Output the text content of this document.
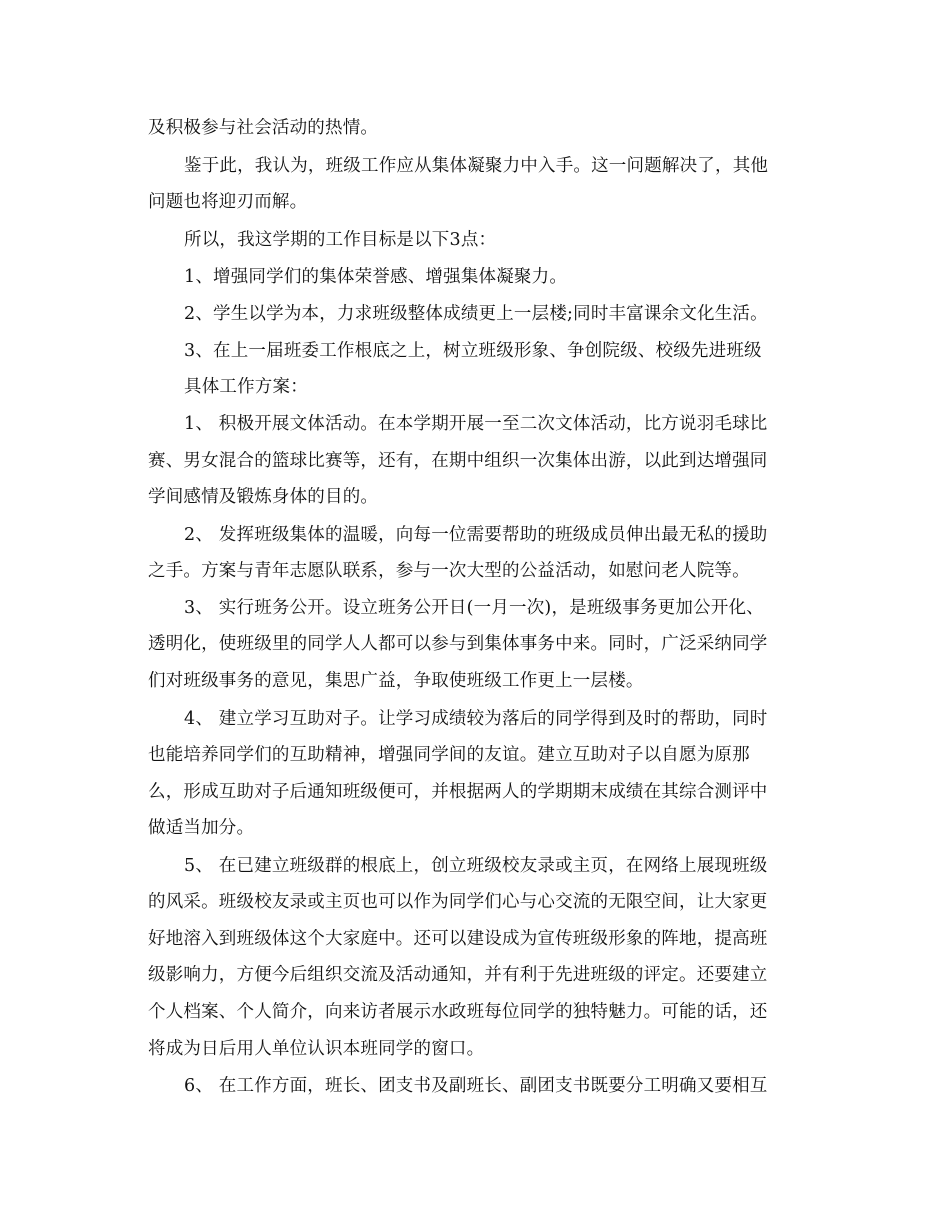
及积极参与社会活动的热情。
鉴于此，我认为，班级工作应从集体凝聚力中入手。这一问题解决了，其他
问题也将迎刃而解。
所以，我这学期的工作目标是以下3点：
1、增强同学们的集体荣誉感、增强集体凝聚力。
2、学生以学为本，力求班级整体成绩更上一层楼;同时丰富课余文化生活。
3、在上一届班委工作根底之上，树立班级形象、争创院级、校级先进班级
具体工作方案：
1、 积极开展文体活动。在本学期开展一至二次文体活动，比方说羽毛球比
赛、男女混合的篮球比赛等，还有，在期中组织一次集体出游，以此到达增强同
学间感情及锻炼身体的目的。
2、 发挥班级集体的温暖，向每一位需要帮助的班级成员伸出最无私的援助
之手。方案与青年志愿队联系，参与一次大型的公益活动，如慰问老人院等。
3、 实行班务公开。设立班务公开日(一月一次)，是班级事务更加公开化、
透明化，使班级里的同学人人都可以参与到集体事务中来。同时，广泛采纳同学
们对班级事务的意见，集思广益，争取使班级工作更上一层楼。
4、 建立学习互助对子。让学习成绩较为落后的同学得到及时的帮助，同时
也能培养同学们的互助精神，增强同学间的友谊。建立互助对子以自愿为原那
么，形成互助对子后通知班级便可，并根据两人的学期期末成绩在其综合测评中
做适当加分。
5、 在已建立班级群的根底上，创立班级校友录或主页，在网络上展现班级
的风采。班级校友录或主页也可以作为同学们心与心交流的无限空间，让大家更
好地溶入到班级体这个大家庭中。还可以建设成为宣传班级形象的阵地，提高班
级影响力，方便今后组织交流及活动通知，并有利于先进班级的评定。还要建立
个人档案、个人简介，向来访者展示水政班每位同学的独特魅力。可能的话，还
将成为日后用人单位认识本班同学的窗口。
6、 在工作方面，班长、团支书及副班长、副团支书既要分工明确又要相互
